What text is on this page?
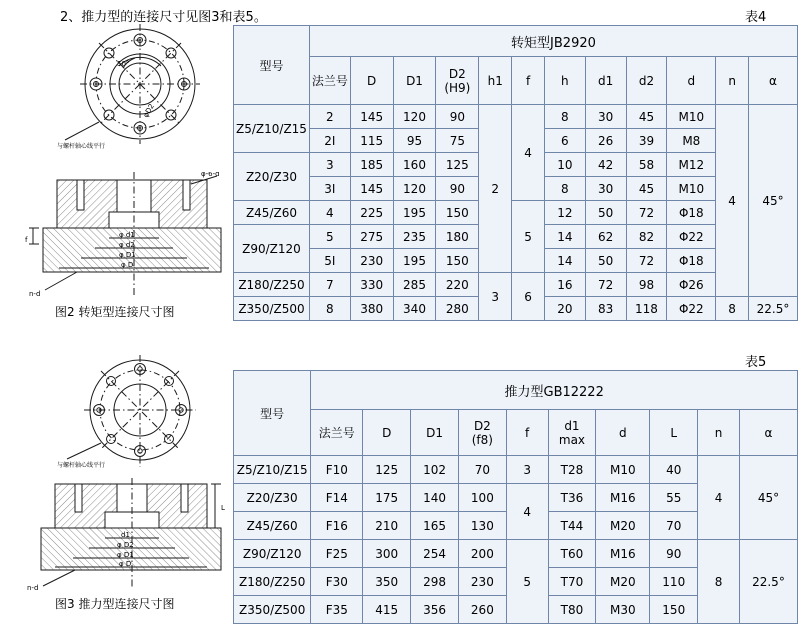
2、推力型的连接尺寸见图3和表5。	表4
表5
图2 转矩型连接尺寸图
图3 推力型连接尺寸图
与螺杆轴心线平行
50°
φD2
f
n-d
φ-6-d
φ d1
φ d2
φ D1
φ D
与螺杆轴心线平行
L
n-d
d1
φ D2
φ D1
φ D
型号	转矩型JB2920											
	法兰号	D	D1	D2
(H9)	h1	f	h	d1	d2	d	n	α
Z5/Z10/Z15	2	145	120	90	2	4	8	30	45	M10	4	45°
	2I	115	95	75			6	26	39	M8		
Z20/Z30	3	185	160	125			10	42	58	M12		
	3I	145	120	90			8	30	45	M10		
Z45/Z60	4	225	195	150		5	12	50	72	Φ18		
Z90/Z120	5	275	235	180			14	62	82	Φ22		
	5I	230	195	150			14	50	72	Φ18		
Z180/Z250	7	330	285	220	3	6	16	72	98	Φ26		
Z350/Z500	8	380	340	280			20	83	118	Φ22	8	22.5°
型号	推力型GB12222									
法兰号	D	D1	D2
(f8)	f	d1
max	d	L	n	α
Z5/Z10/Z15	F10	125	102	70	3	T28	M10	40	4	45°
Z20/Z30	F14	175	140	100	4	T36	M16	55		
Z45/Z60	F16	210	165	130		T44	M20	70		
Z90/Z120	F25	300	254	200	5	T60	M16	90	8	22.5°
Z180/Z250	F30	350	298	230		T70	M20	110		
Z350/Z500	F35	415	356	260		T80	M30	150		
